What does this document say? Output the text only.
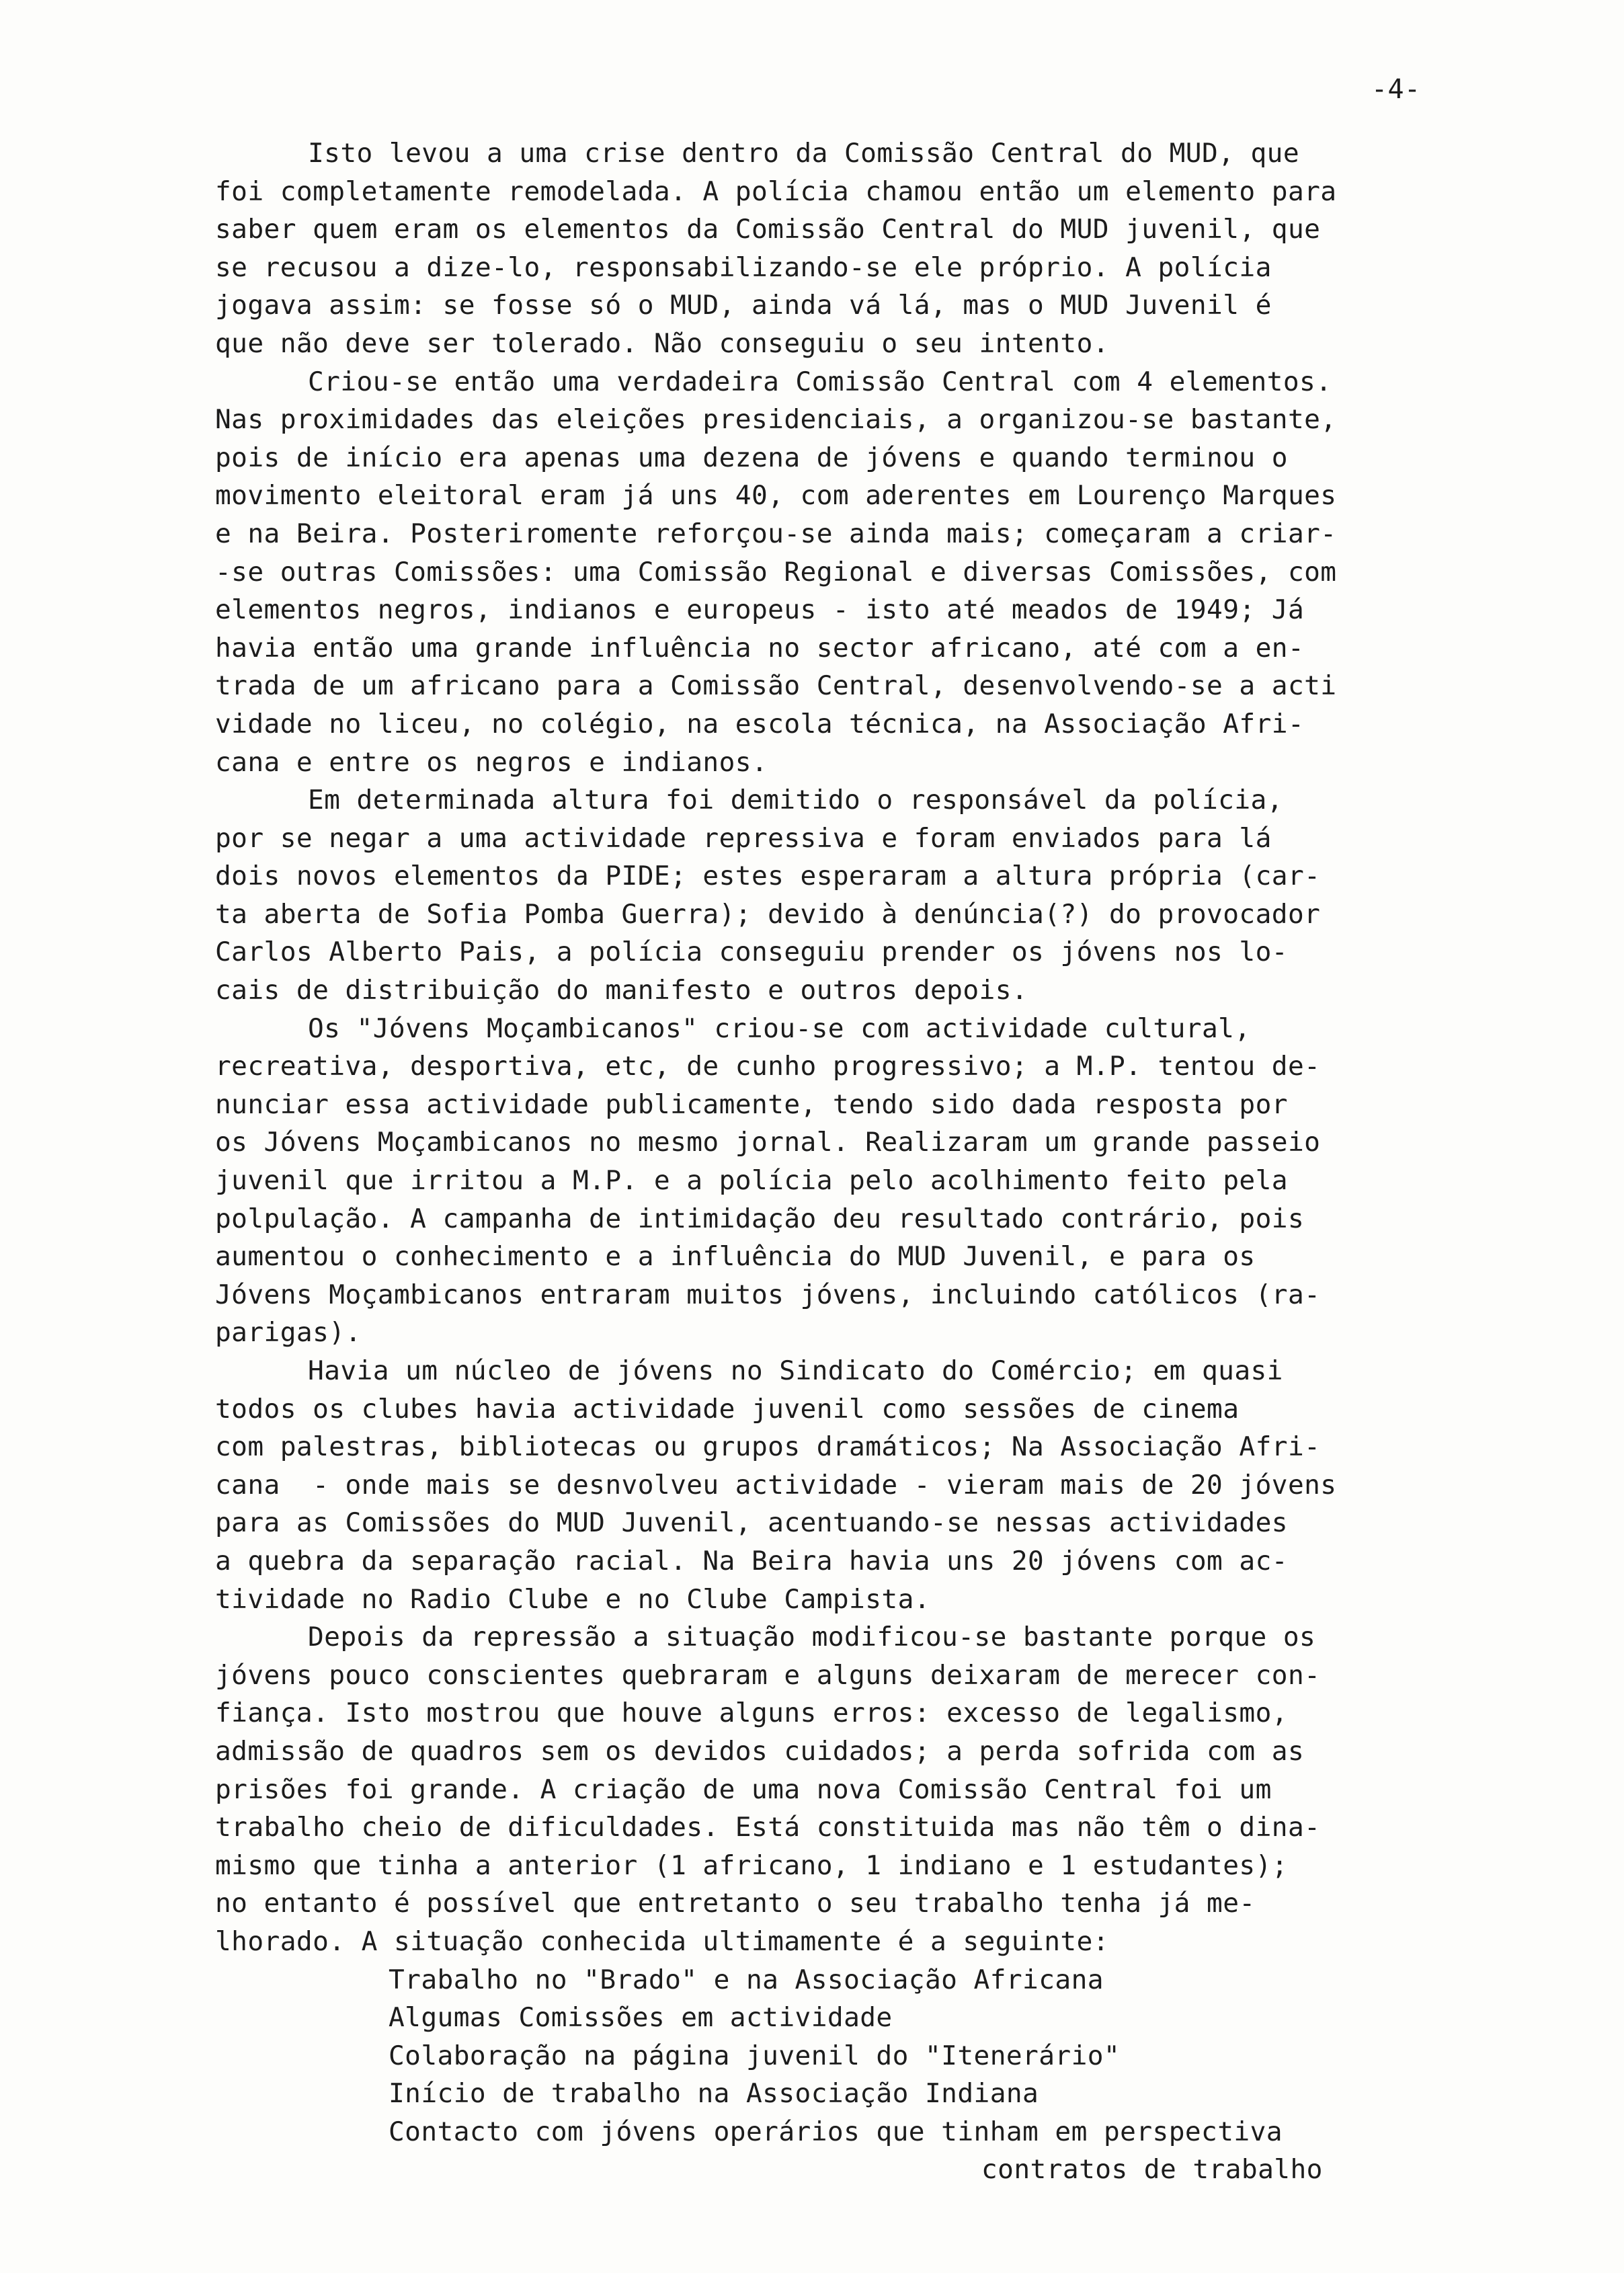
-4-
Isto levou a uma crise dentro da Comissão Central do MUD, que
foi completamente remodelada. A polícia chamou então um elemento para
saber quem eram os elementos da Comissão Central do MUD juvenil, que
se recusou a dize-lo, responsabilizando-se ele próprio. A polícia
jogava assim: se fosse só o MUD, ainda vá lá, mas o MUD Juvenil é
que não deve ser tolerado. Não conseguiu o seu intento.
Criou-se então uma verdadeira Comissão Central com 4 elementos.
Nas proximidades das eleições presidenciais, a organizou-se bastante,
pois de início era apenas uma dezena de jóvens e quando terminou o
movimento eleitoral eram já uns 40, com aderentes em Lourenço Marques
e na Beira. Posteriromente reforçou-se ainda mais; começaram a criar-
-se outras Comissões: uma Comissão Regional e diversas Comissões, com
elementos negros, indianos e europeus - isto até meados de 1949; Já
havia então uma grande influência no sector africano, até com a en-
trada de um africano para a Comissão Central, desenvolvendo-se a acti
vidade no liceu, no colégio, na escola técnica, na Associação Afri-
cana e entre os negros e indianos.
Em determinada altura foi demitido o responsável da polícia,
por se negar a uma actividade repressiva e foram enviados para lá
dois novos elementos da PIDE; estes esperaram a altura própria (car-
ta aberta de Sofia Pomba Guerra); devido à denúncia(?) do provocador
Carlos Alberto Pais, a polícia conseguiu prender os jóvens nos lo-
cais de distribuição do manifesto e outros depois.
Os "Jóvens Moçambicanos" criou-se com actividade cultural,
recreativa, desportiva, etc, de cunho progressivo; a M.P. tentou de-
nunciar essa actividade publicamente, tendo sido dada resposta por
os Jóvens Moçambicanos no mesmo jornal. Realizaram um grande passeio
juvenil que irritou a M.P. e a polícia pelo acolhimento feito pela
polpulação. A campanha de intimidação deu resultado contrário, pois
aumentou o conhecimento e a influência do MUD Juvenil, e para os
Jóvens Moçambicanos entraram muitos jóvens, incluindo católicos (ra-
parigas).
Havia um núcleo de jóvens no Sindicato do Comércio; em quasi
todos os clubes havia actividade juvenil como sessões de cinema
com palestras, bibliotecas ou grupos dramáticos; Na Associação Afri-
cana  - onde mais se desnvolveu actividade - vieram mais de 20 jóvens
para as Comissões do MUD Juvenil, acentuando-se nessas actividades
a quebra da separação racial. Na Beira havia uns 20 jóvens com ac-
tividade no Radio Clube e no Clube Campista.
Depois da repressão a situação modificou-se bastante porque os
jóvens pouco conscientes quebraram e alguns deixaram de merecer con-
fiança. Isto mostrou que houve alguns erros: excesso de legalismo,
admissão de quadros sem os devidos cuidados; a perda sofrida com as
prisões foi grande. A criação de uma nova Comissão Central foi um
trabalho cheio de dificuldades. Está constituida mas não têm o dina-
mismo que tinha a anterior (1 africano, 1 indiano e 1 estudantes);
no entanto é possível que entretanto o seu trabalho tenha já me-
lhorado. A situação conhecida ultimamente é a seguinte:
Trabalho no "Brado" e na Associação Africana
Algumas Comissões em actividade
Colaboração na página juvenil do "Itenerário"
Início de trabalho na Associação Indiana
Contacto com jóvens operários que tinham em perspectiva
contratos de trabalho
